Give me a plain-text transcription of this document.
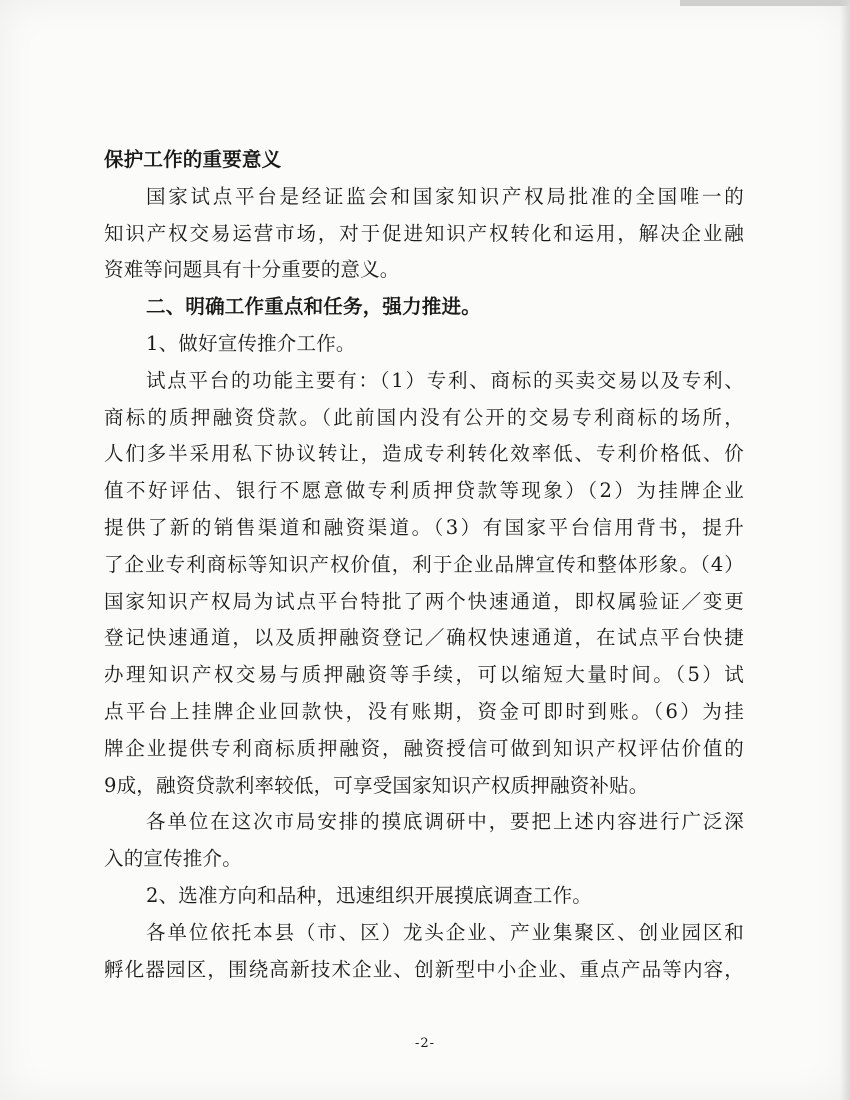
保护工作的重要意义
国家试点平台是经证监会和国家知识产权局批准的全国唯一的
知识产权交易运营市场，对于促进知识产权转化和运用，解决企业融
资难等问题具有十分重要的意义。
二、明确工作重点和任务，强力推进。
1、做好宣传推介工作。
试点平台的功能主要有：（1）专利、商标的买卖交易以及专利、
商标的质押融资贷款。（此前国内没有公开的交易专利商标的场所，
人们多半采用私下协议转让，造成专利转化效率低、专利价格低、价
值不好评估、银行不愿意做专利质押贷款等现象）（2）为挂牌企业
提供了新的销售渠道和融资渠道。（3）有国家平台信用背书，提升
了企业专利商标等知识产权价值，利于企业品牌宣传和整体形象。（4）
国家知识产权局为试点平台特批了两个快速通道，即权属验证／变更
登记快速通道，以及质押融资登记／确权快速通道，在试点平台快捷
办理知识产权交易与质押融资等手续，可以缩短大量时间。（5）试
点平台上挂牌企业回款快，没有账期，资金可即时到账。（6）为挂
牌企业提供专利商标质押融资，融资授信可做到知识产权评估价值的
9成，融资贷款利率较低，可享受国家知识产权质押融资补贴。
各单位在这次市局安排的摸底调研中，要把上述内容进行广泛深
入的宣传推介。
2、选准方向和品种，迅速组织开展摸底调查工作。
各单位依托本县（市、区）龙头企业、产业集聚区、创业园区和
孵化器园区，围绕高新技术企业、创新型中小企业、重点产品等内容，
-2-
